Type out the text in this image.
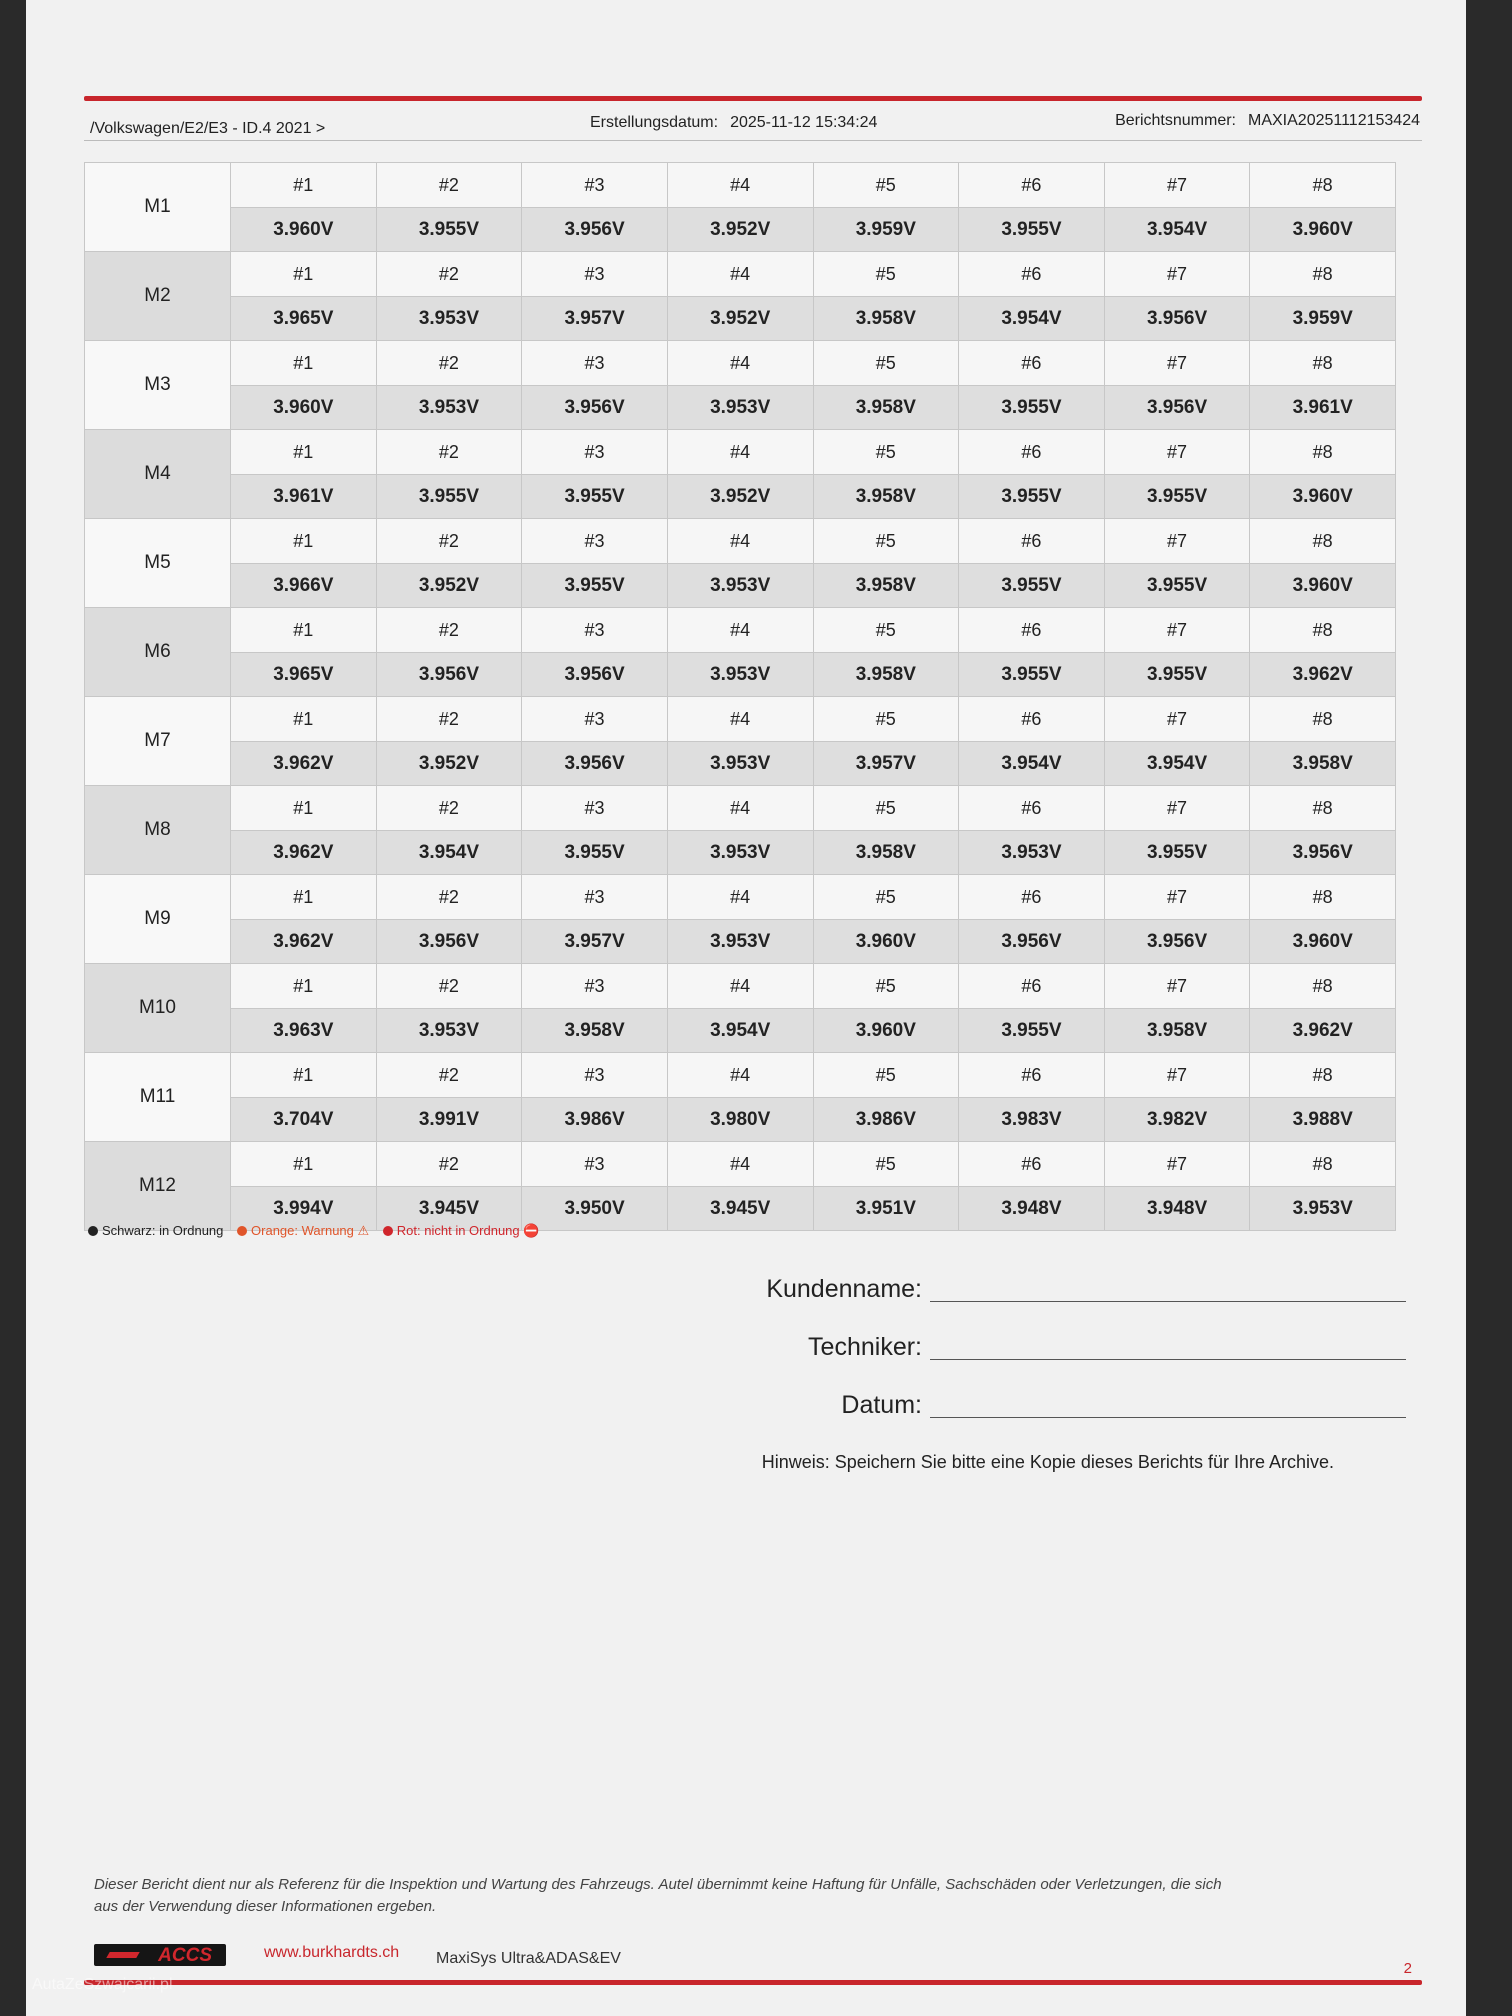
/Volkswagen/E2/E3 - ID.4 2021 >	Erstellungsdatum: 2025-11-12 15:34:24	Berichtsnummer: MAXIA20251112153424
M1	#1	#2	#3	#4	#5	#6	#7	#8
	3.960V	3.955V	3.956V	3.952V	3.959V	3.955V	3.954V	3.960V
M2	#1	#2	#3	#4	#5	#6	#7	#8
	3.965V	3.953V	3.957V	3.952V	3.958V	3.954V	3.956V	3.959V
M3	#1	#2	#3	#4	#5	#6	#7	#8
	3.960V	3.953V	3.956V	3.953V	3.958V	3.955V	3.956V	3.961V
M4	#1	#2	#3	#4	#5	#6	#7	#8
	3.961V	3.955V	3.955V	3.952V	3.958V	3.955V	3.955V	3.960V
M5	#1	#2	#3	#4	#5	#6	#7	#8
	3.966V	3.952V	3.955V	3.953V	3.958V	3.955V	3.955V	3.960V
M6	#1	#2	#3	#4	#5	#6	#7	#8
	3.965V	3.956V	3.956V	3.953V	3.958V	3.955V	3.955V	3.962V
M7	#1	#2	#3	#4	#5	#6	#7	#8
	3.962V	3.952V	3.956V	3.953V	3.957V	3.954V	3.954V	3.958V
M8	#1	#2	#3	#4	#5	#6	#7	#8
	3.962V	3.954V	3.955V	3.953V	3.958V	3.953V	3.955V	3.956V
M9	#1	#2	#3	#4	#5	#6	#7	#8
	3.962V	3.956V	3.957V	3.953V	3.960V	3.956V	3.956V	3.960V
M10	#1	#2	#3	#4	#5	#6	#7	#8
	3.963V	3.953V	3.958V	3.954V	3.960V	3.955V	3.958V	3.962V
M11	#1	#2	#3	#4	#5	#6	#7	#8
	3.704V	3.991V	3.986V	3.980V	3.986V	3.983V	3.982V	3.988V
M12	#1	#2	#3	#4	#5	#6	#7	#8
	3.994V	3.945V	3.950V	3.945V	3.951V	3.948V	3.948V	3.953V
Schwarz: in Ordnung Orange: Warnung ⚠ Rot: nicht in Ordnung ⛔
Kundenname:
Techniker:
Datum:
Hinweis: Speichern Sie bitte eine Kopie dieses Berichts für Ihre Archive.
Dieser Bericht dient nur als Referenz für die Inspektion und Wartung des Fahrzeugs. Autel übernimmt keine Haftung für Unfälle, Sachschäden oder Verletzungen, die sich
aus der Verwendung dieser Informationen ergeben.
ACCS	www.burkhardts.ch MaxiSys Ultra&ADAS&EV
2
AutaZeSzwajcarii.pl
